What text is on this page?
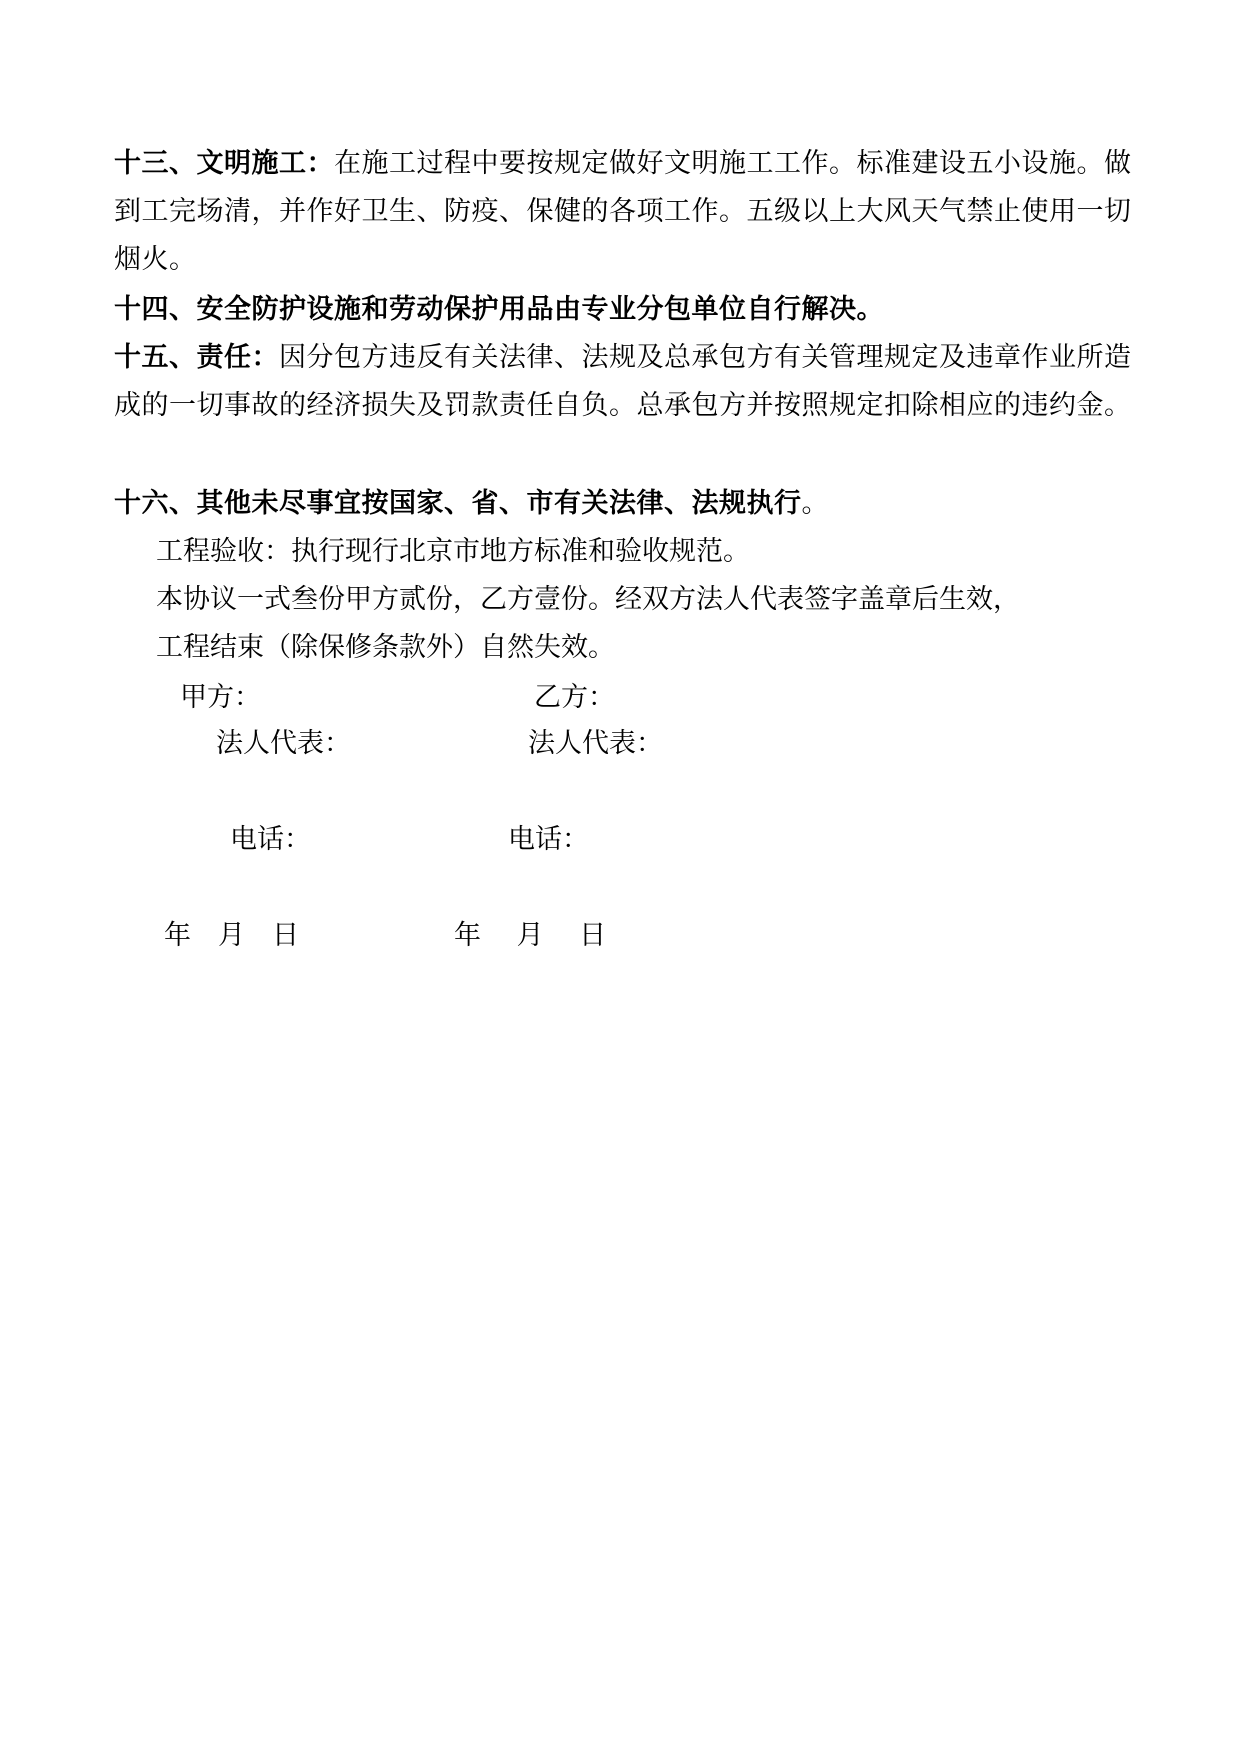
十三、文明施工：在施工过程中要按规定做好文明施工工作。标准建设五小设施。做到工完场清，并作好卫生、防疫、保健的各项工作。五级以上大风天气禁止使用一切烟火。

十四、安全防护设施和劳动保护用品由专业分包单位自行解决。

十五、责任：因分包方违反有关法律、法规及总承包方有关管理规定及违章作业所造成的一切事故的经济损失及罚款责任自负。总承包方并按照规定扣除相应的违约金。

十六、其他未尽事宜按国家、省、市有关法律、法规执行。

工程验收：执行现行北京市地方标准和验收规范。

本协议一式叁份甲方贰份，乙方壹份。经双方法人代表签字盖章后生效，

工程结束（除保修条款外）自然失效。

甲方：	乙方：

法人代表：	法人代表：

电话：	电话：

年　月　日	年　 月　 日
